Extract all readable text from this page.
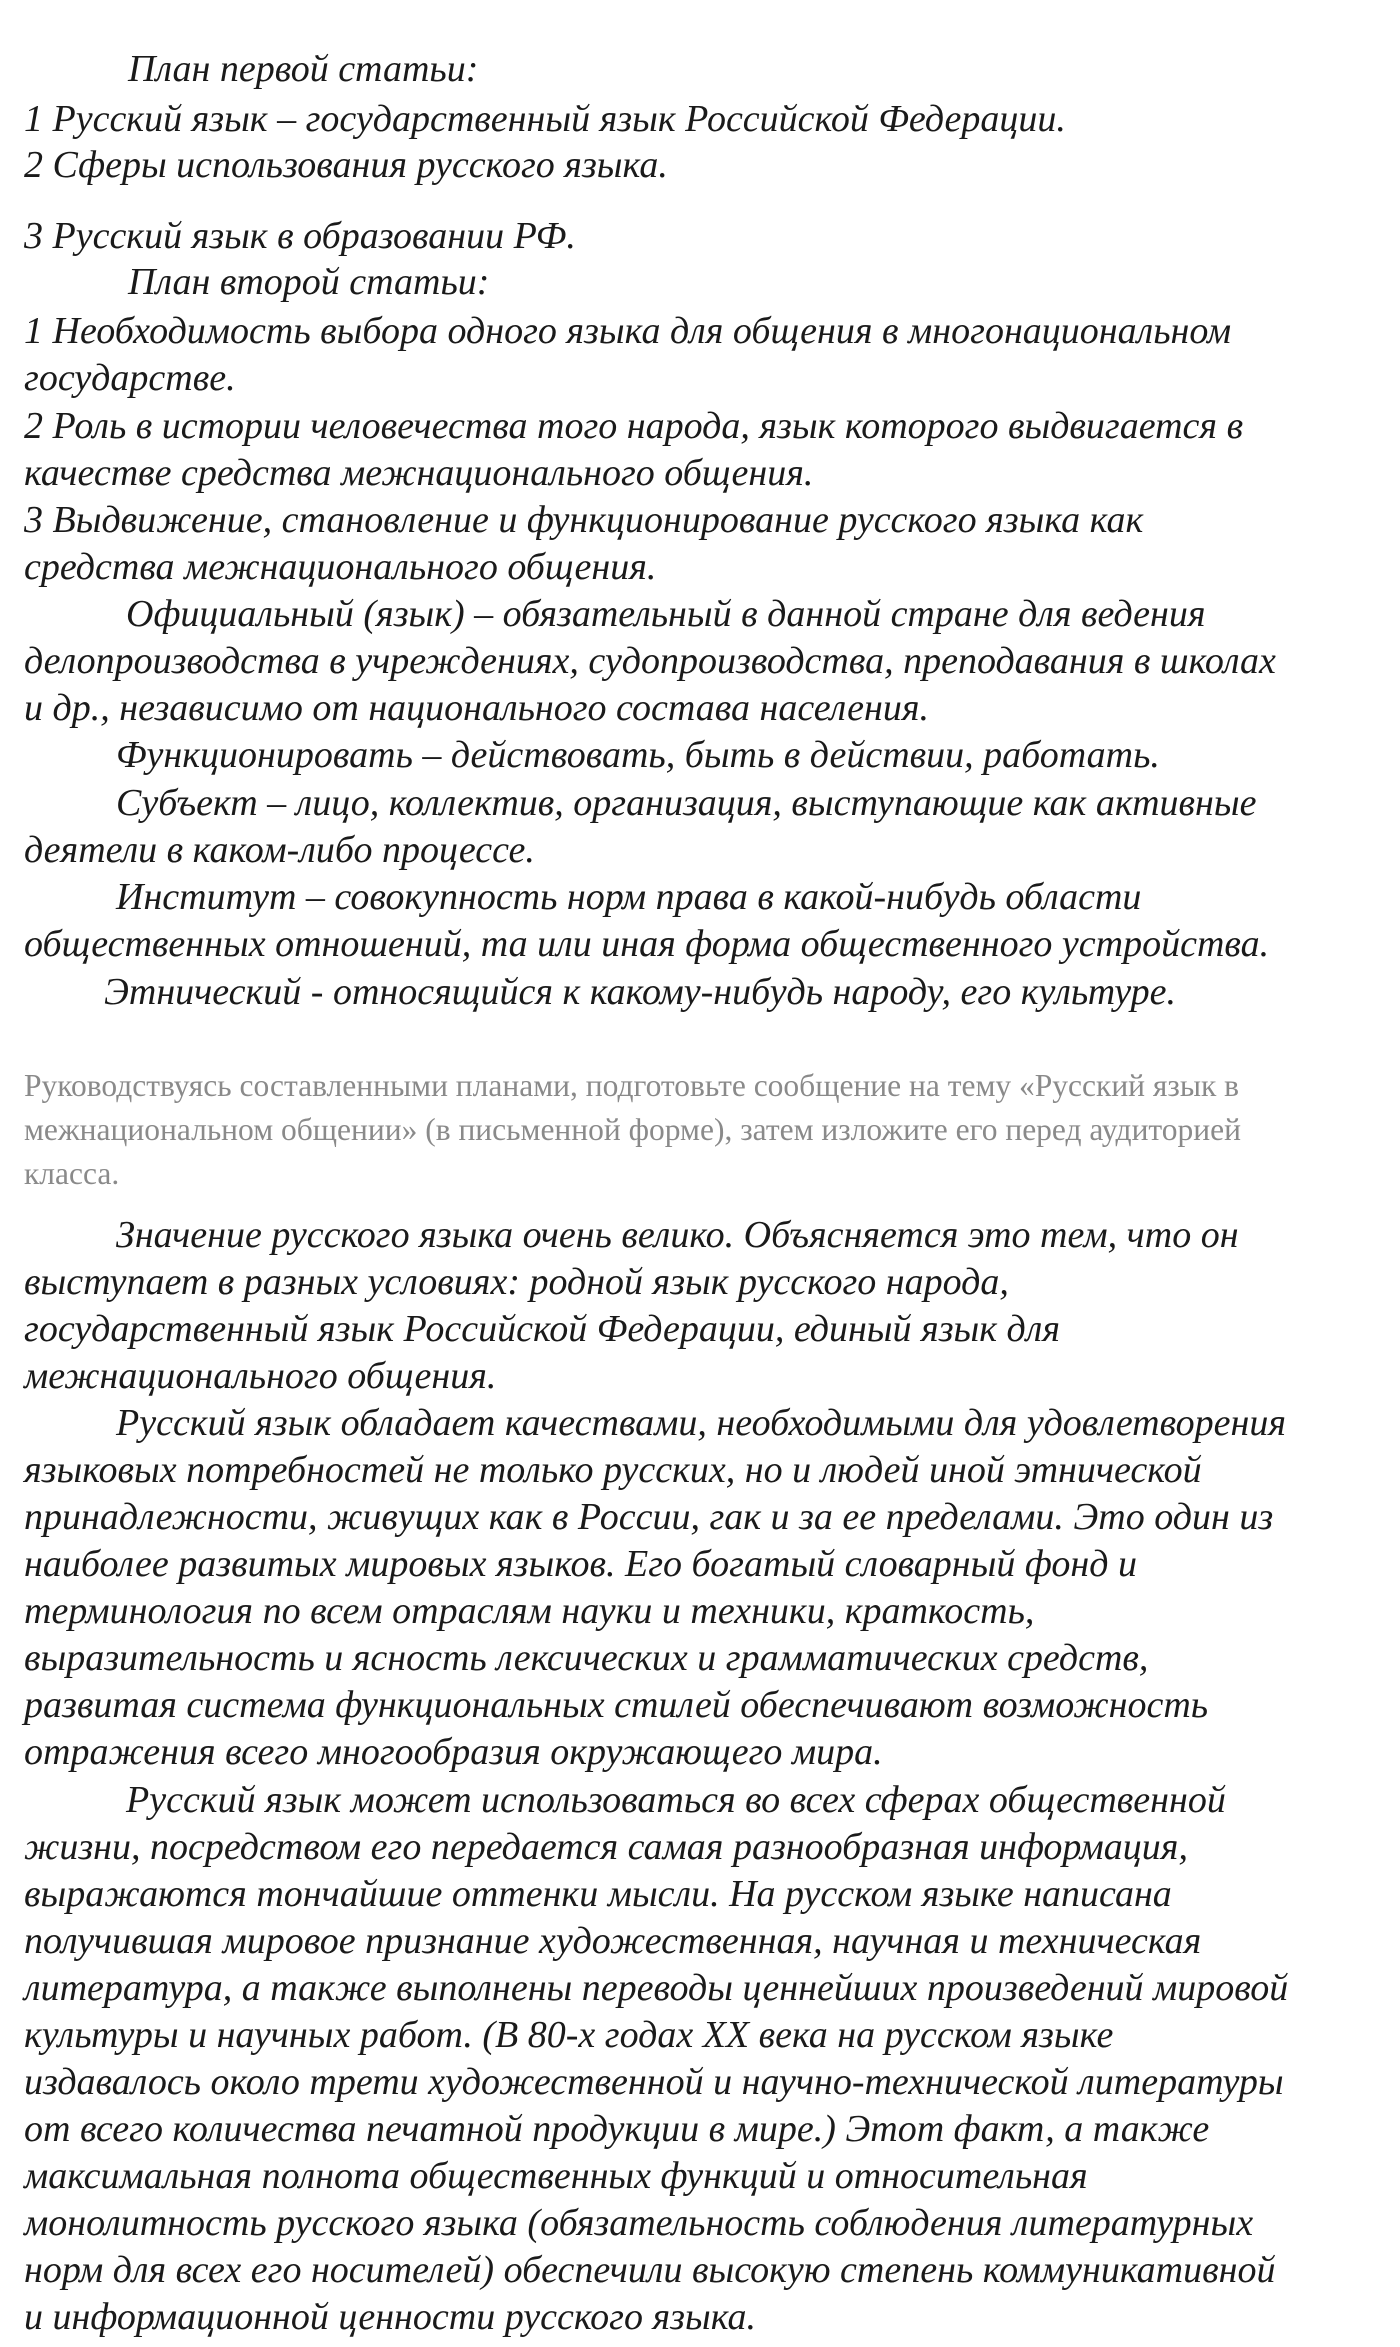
План первой статьи:

1 Русский язык – государственный язык Российской Федерации.

2 Сферы использования русского языка.

3 Русский язык в образовании РФ.

План второй статьи:

1 Необходимость выбора одного языка для общения в многонациональном

государстве.

2 Роль в истории человечества того народа, язык которого выдвигается в

качестве средства межнационального общения.

3 Выдвижение, становление и функционирование русского языка как

средства межнационального общения.

Официальный (язык) – обязательный в данной стране для ведения

делопроизводства в учреждениях, судопроизводства, преподавания в школах

и др., независимо от национального состава населения.

Функционировать – действовать, быть в действии, работать.

Субъект – лицо, коллектив, организация, выступающие как активные

деятели в каком-либо процессе.

Институт – совокупность норм права в какой-нибудь области

общественных отношений, та или иная форма общественного устройства.

Этнический - относящийся к какому-нибудь народу, его культуре.

Руководствуясь составленными планами, подготовьте сообщение на тему «Русский язык в

межнациональном общении» (в письменной форме), затем изложите его перед аудиторией

класса.

Значение русского языка очень велико. Объясняется это тем, что он

выступает в разных условиях: родной язык русского народа,

государственный язык Российской Федерации, единый язык для

межнационального общения.

Русский язык обладает качествами, необходимыми для удовлетворения

языковых потребностей не только русских, но и людей иной этнической

принадлежности, живущих как в России, гак и за ее пределами. Это один из

наиболее развитых мировых языков. Его богатый словарный фонд и

терминология по всем отраслям науки и техники, краткость,

выразительность и ясность лексических и грамматических средств,

развитая система функциональных стилей обеспечивают возможность

отражения всего многообразия окружающего мира.

Русский язык может использоваться во всех сферах общественной

жизни, посредством его передается самая разнообразная информация,

выражаются тончайшие оттенки мысли. На русском языке написана

получившая мировое признание художественная, научная и техническая

литература, а также выполнены переводы ценнейших произведений мировой

культуры и научных работ. (В 80-х годах XX века на русском языке

издавалось около трети художественной и научно-технической литературы

от всего количества печатной продукции в мире.) Этот факт, а также

максимальная полнота общественных функций и относительная

монолитность русского языка (обязательность соблюдения литературных

норм для всех его носителей) обеспечили высокую степень коммуникативной

и информационной ценности русского языка.
